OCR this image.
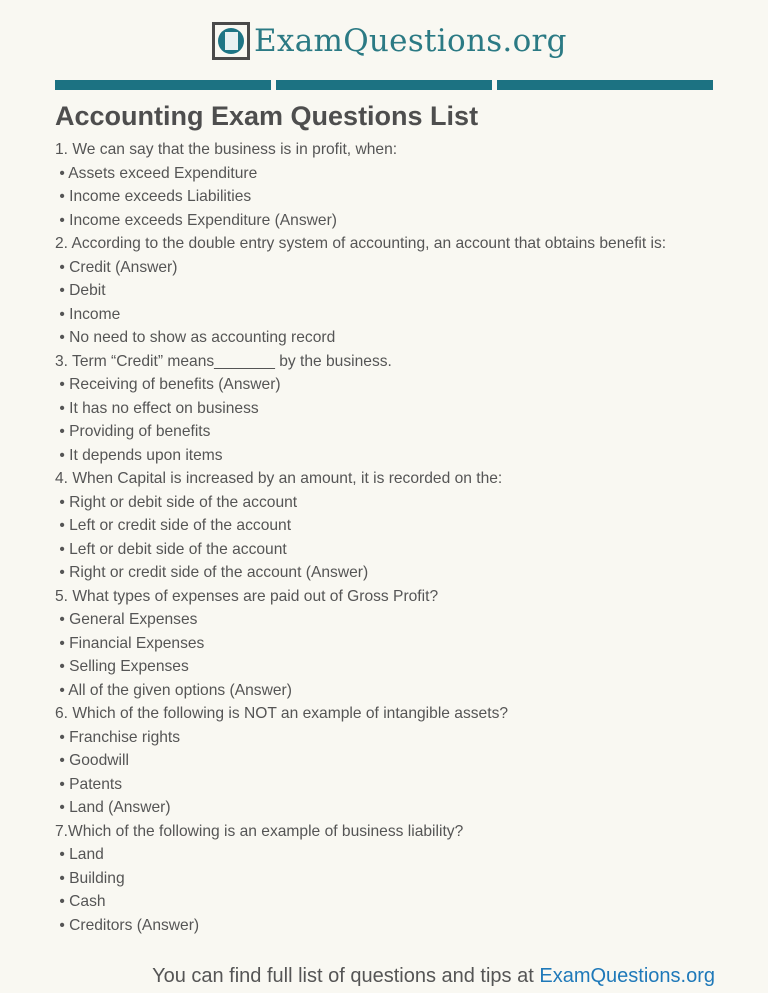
ExamQuestions.org
Accounting Exam Questions List

1. We can say that the business is in profit, when:

• Assets exceed Expenditure

• Income exceeds Liabilities

• Income exceeds Expenditure (Answer)

2. According to the double entry system of accounting, an account that obtains benefit is:

• Credit (Answer)

• Debit

• Income

• No need to show as accounting record

3. Term “Credit” means_______ by the business.

• Receiving of benefits (Answer)

• It has no effect on business

• Providing of benefits

• It depends upon items

4. When Capital is increased by an amount, it is recorded on the:

• Right or debit side of the account

• Left or credit side of the account

• Left or debit side of the account

• Right or credit side of the account (Answer)

5. What types of expenses are paid out of Gross Profit?

• General Expenses

• Financial Expenses

• Selling Expenses

• All of the given options (Answer)

6. Which of the following is NOT an example of intangible assets?

• Franchise rights

• Goodwill

• Patents

• Land (Answer)

7.Which of the following is an example of business liability?

• Land

• Building

• Cash

• Creditors (Answer)

You can find full list of questions and tips at ExamQuestions.org
